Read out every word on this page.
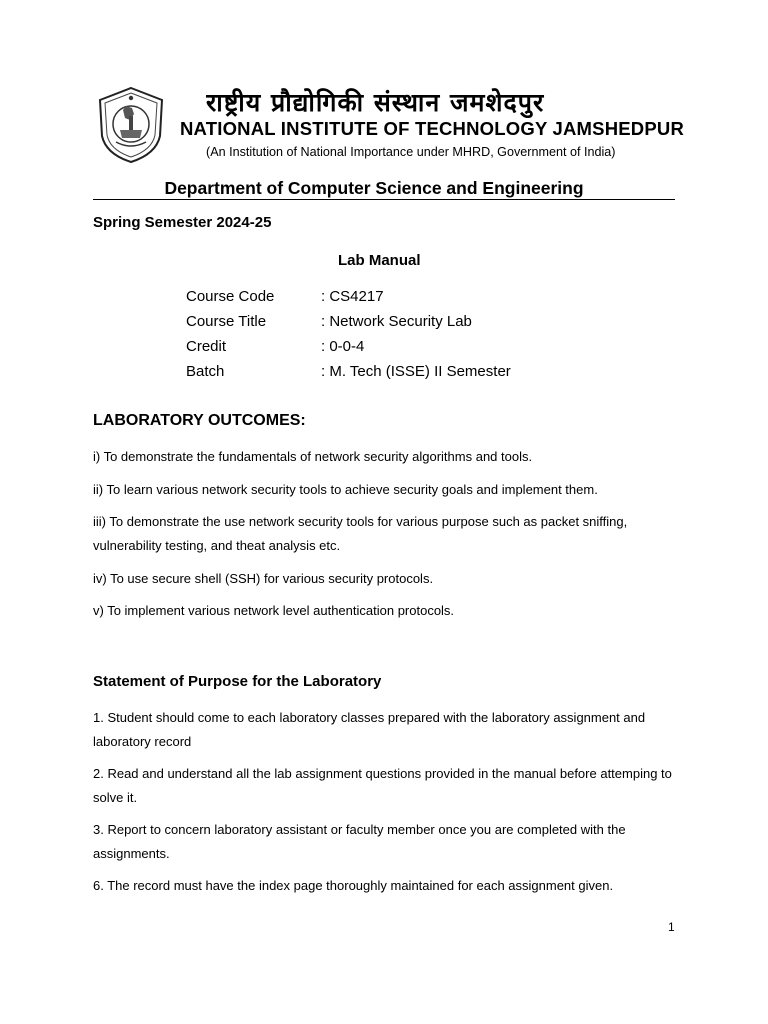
राष्ट्रीय प्रौद्योगिकी संस्थान जमशेदपुर
NATIONAL INSTITUTE OF TECHNOLOGY JAMSHEDPUR
(An Institution of National Importance under MHRD, Government of India)
Department of Computer Science and Engineering
Spring Semester 2024-25
Lab Manual
Course Code	: CS4217
Course Title	: Network Security Lab
Credit	: 0-0-4
Batch	: M. Tech (ISSE) II Semester
LABORATORY OUTCOMES:
i) To demonstrate the fundamentals of network security algorithms and tools.
ii) To learn various network security tools to achieve security goals and implement them.
iii) To demonstrate the use network security tools for various purpose such as packet sniffing, vulnerability testing, and theat analysis etc.
iv) To use secure shell (SSH) for various security protocols.
v) To implement various network level authentication protocols.
Statement of Purpose for the Laboratory
1. Student should come to each laboratory classes prepared with the laboratory assignment and laboratory record
2. Read and understand all the lab assignment questions provided in the manual before attemping to solve it.
3. Report to concern laboratory assistant or faculty member once you are completed with the assignments.
6. The record must have the index page thoroughly maintained for each assignment given.
1
